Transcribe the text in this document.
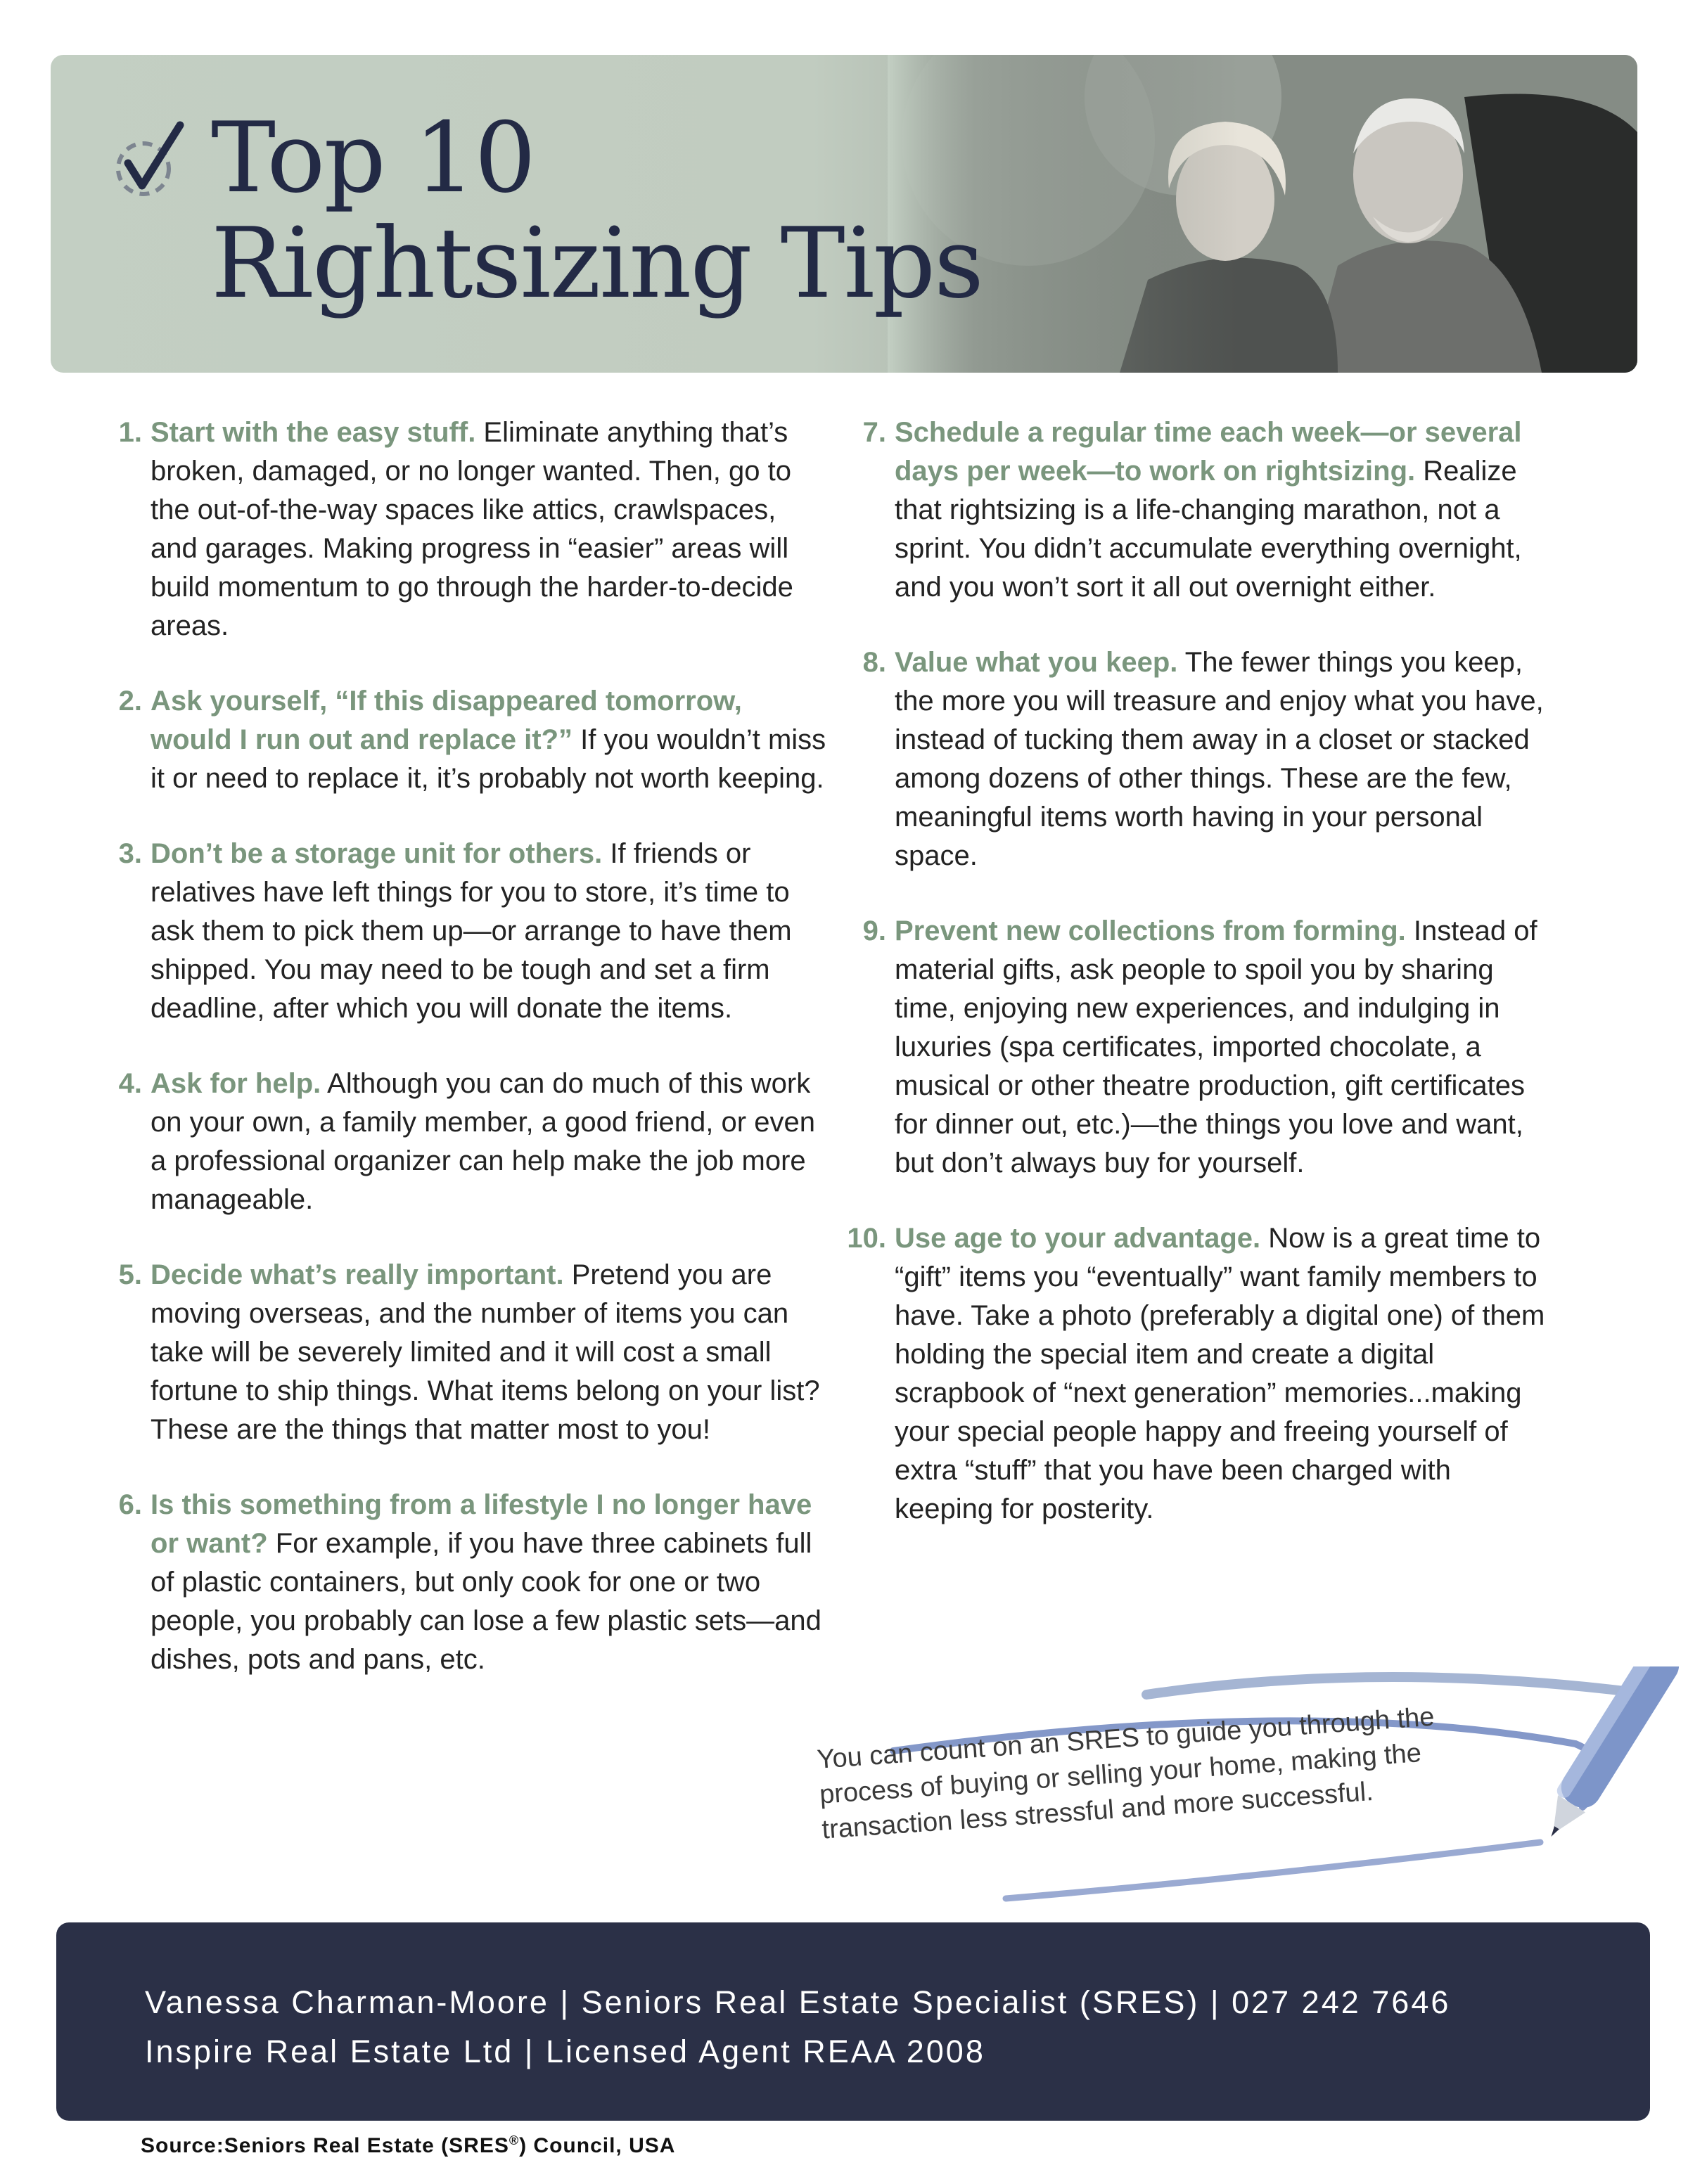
Top 10
Rightsizing Tips
1. Start with the easy stuff. Eliminate anything that’s broken, damaged, or no longer wanted. Then, go to the out-of-the-way spaces like attics, crawlspaces, and garages. Making progress in “easier” areas will build momentum to go through the harder-to-decide areas.
2. Ask yourself, “If this disappeared tomorrow, would I run out and replace it?” If you wouldn’t miss it or need to replace it, it’s probably not worth keeping.
3. Don’t be a storage unit for others. If friends or relatives have left things for you to store, it’s time to ask them to pick them up—or arrange to have them shipped. You may need to be tough and set a firm deadline, after which you will donate the items.
4. Ask for help. Although you can do much of this work on your own, a family member, a good friend, or even a professional organizer can help make the job more manageable.
5. Decide what’s really important. Pretend you are moving overseas, and the number of items you can take will be severely limited and it will cost a small fortune to ship things. What items belong on your list? These are the things that matter most to you!
6. Is this something from a lifestyle I no longer have or want? For example, if you have three cabinets full of plastic containers, but only cook for one or two people, you probably can lose a few plastic sets—and dishes, pots and pans, etc.
7. Schedule a regular time each week—or several days per week—to work on rightsizing. Realize that rightsizing is a life-changing marathon, not a sprint. You didn’t accumulate everything overnight, and you won’t sort it all out overnight either.
8. Value what you keep. The fewer things you keep, the more you will treasure and enjoy what you have, instead of tucking them away in a closet or stacked among dozens of other things. These are the few, meaningful items worth having in your personal space.
9. Prevent new collections from forming. Instead of material gifts, ask people to spoil you by sharing time, enjoying new experiences, and indulging in luxuries (spa certificates, imported chocolate, a musical or other theatre production, gift certificates for dinner out, etc.)—the things you love and want, but don’t always buy for yourself.
10. Use age to your advantage. Now is a great time to “gift” items you “eventually” want family members to have. Take a photo (preferably a digital one) of them holding the special item and create a digital scrapbook of “next generation” memories...making your special people happy and freeing yourself of extra “stuff” that you have been charged with keeping for posterity.
You can count on an SRES to guide you through the process of buying or selling your home, making the transaction less stressful and more successful.
Vanessa Charman-Moore | Seniors Real Estate Specialist (SRES) | 027 242 7646
Inspire Real Estate Ltd | Licensed Agent REAA 2008
Source:Seniors Real Estate (SRES®) Council, USA
